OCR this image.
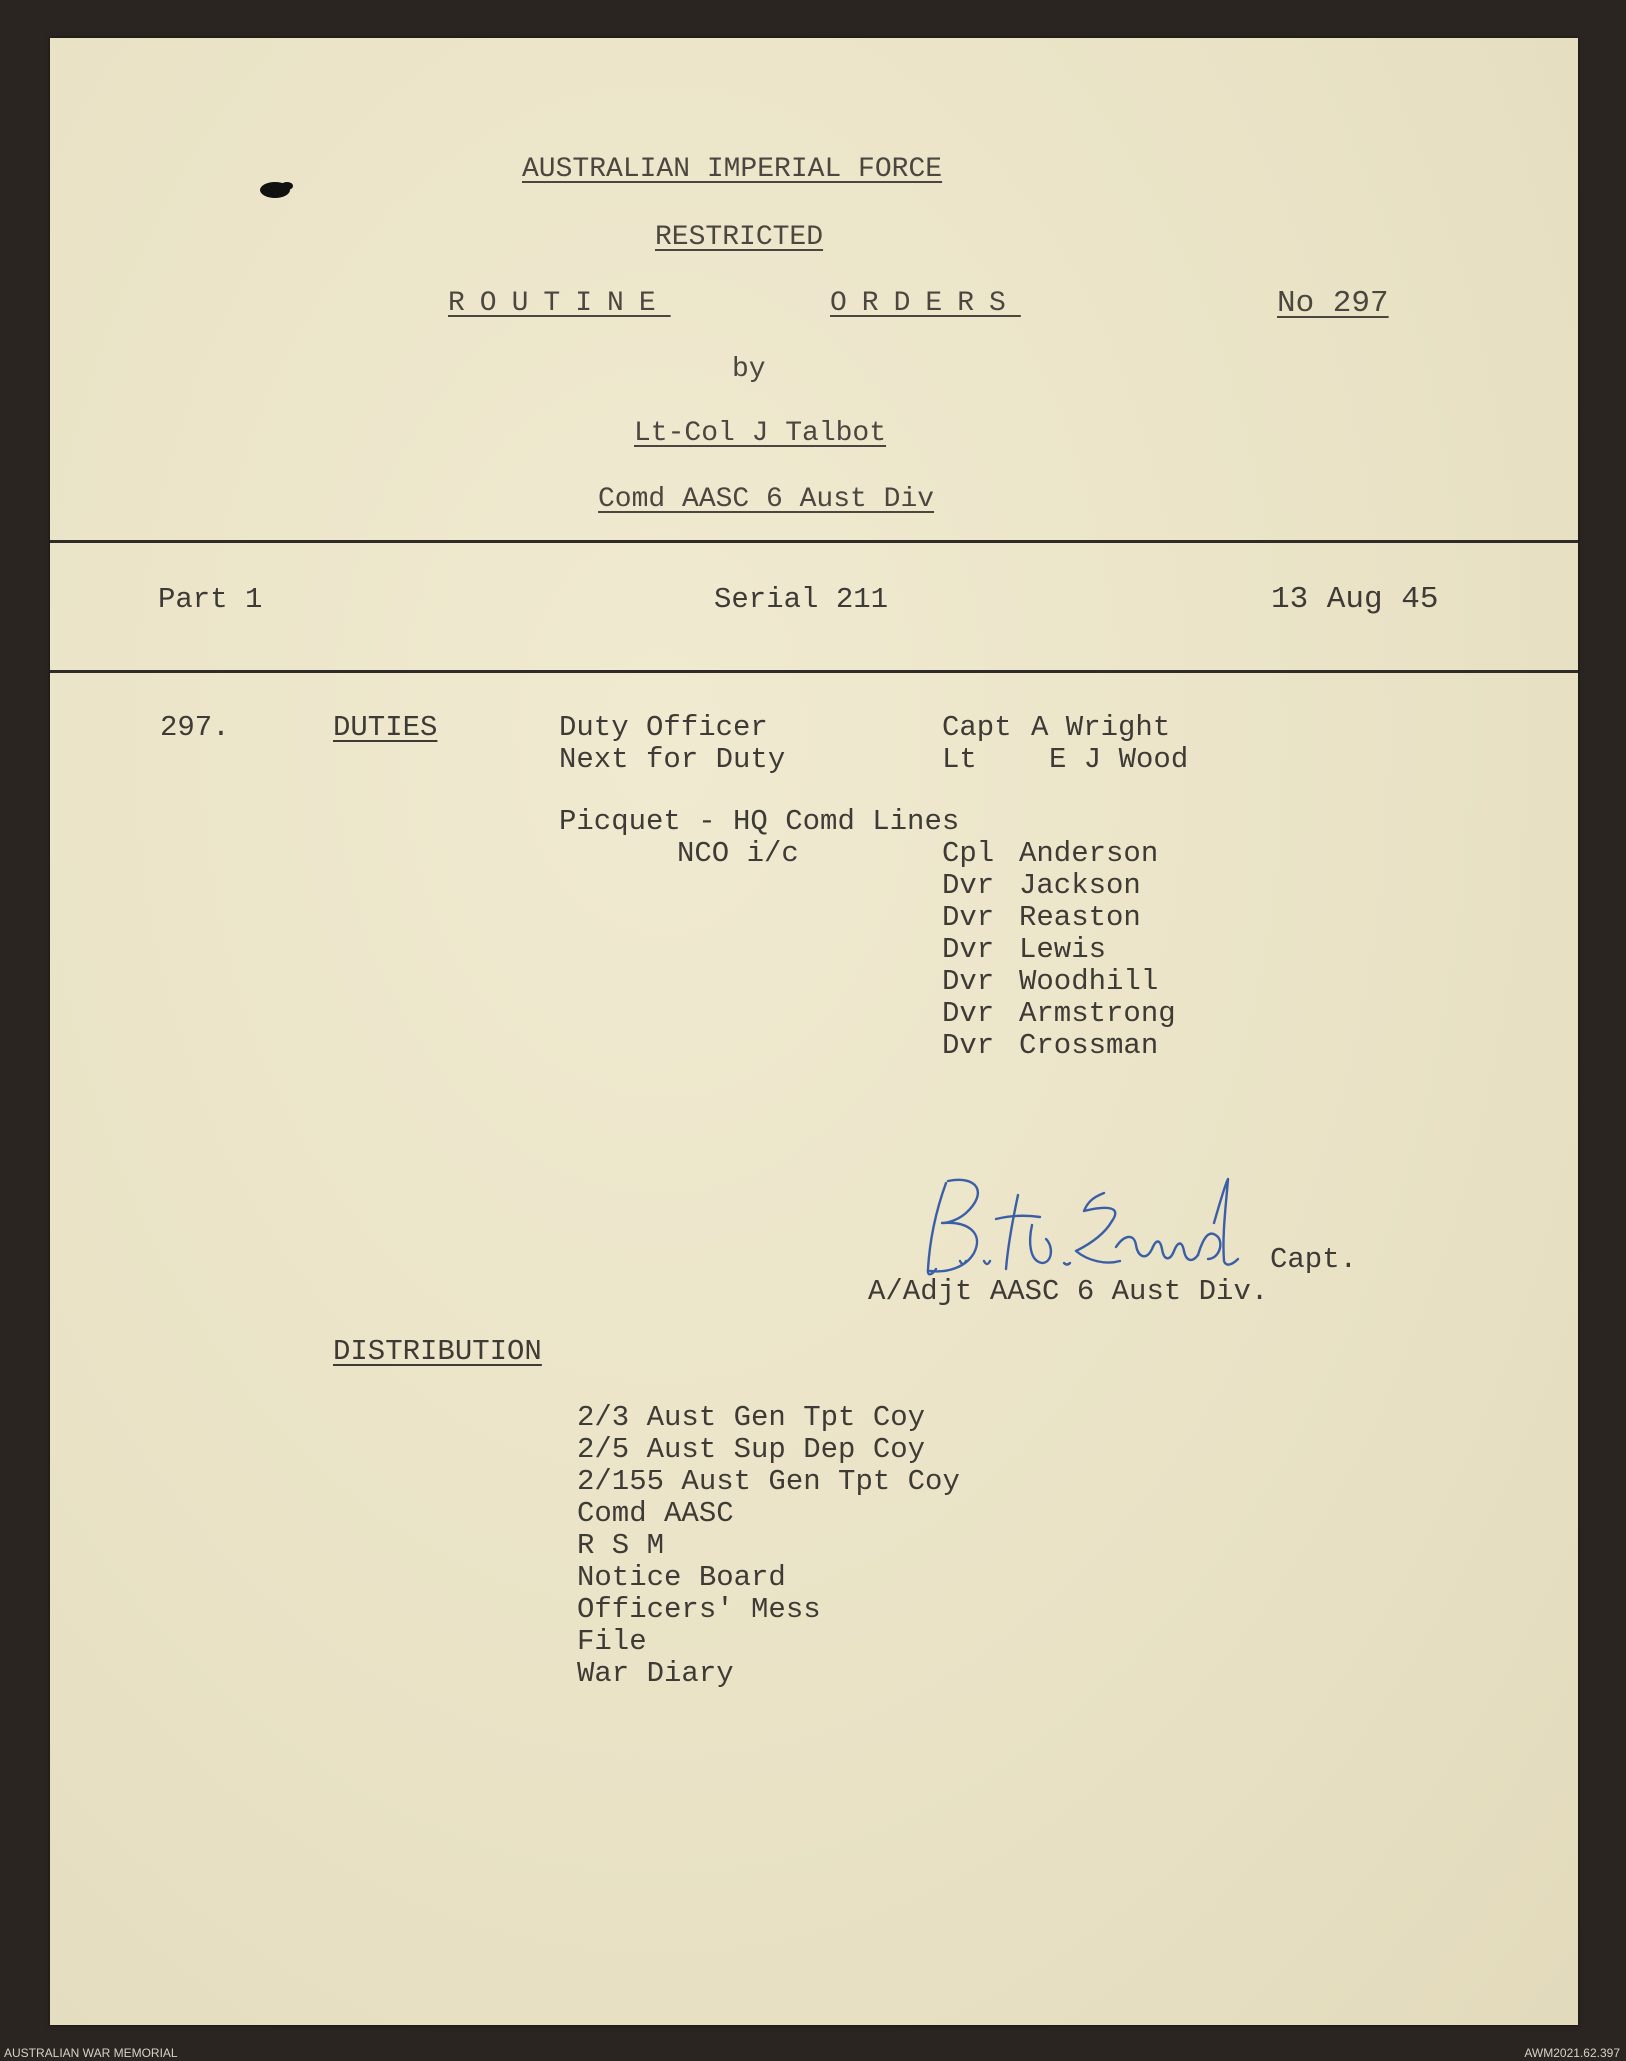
AUSTRALIAN IMPERIAL FORCE
RESTRICTED
ROUTINE	ORDERS	No 297
by
Lt-Col J Talbot
Comd AASC 6 Aust Div
Part 1	Serial 211	13 Aug 45
297.	DUTIES	Duty Officer	Capt A Wright
Next for Duty	Lt E J Wood
Picquet - HQ Comd Lines
NCO i/c	Cpl Anderson
Dvr Jackson
Dvr Reaston
Dvr Lewis
Dvr Woodhill
Dvr Armstrong
Dvr Crossman
Capt.
A/Adjt AASC 6 Aust Div.
DISTRIBUTION
2/3 Aust Gen Tpt Coy
2/5 Aust Sup Dep Coy
2/155 Aust Gen Tpt Coy
Comd AASC
R S M
Notice Board
Officers' Mess
File
War Diary
AUSTRALIAN WAR MEMORIAL	AWM2021.62.397
